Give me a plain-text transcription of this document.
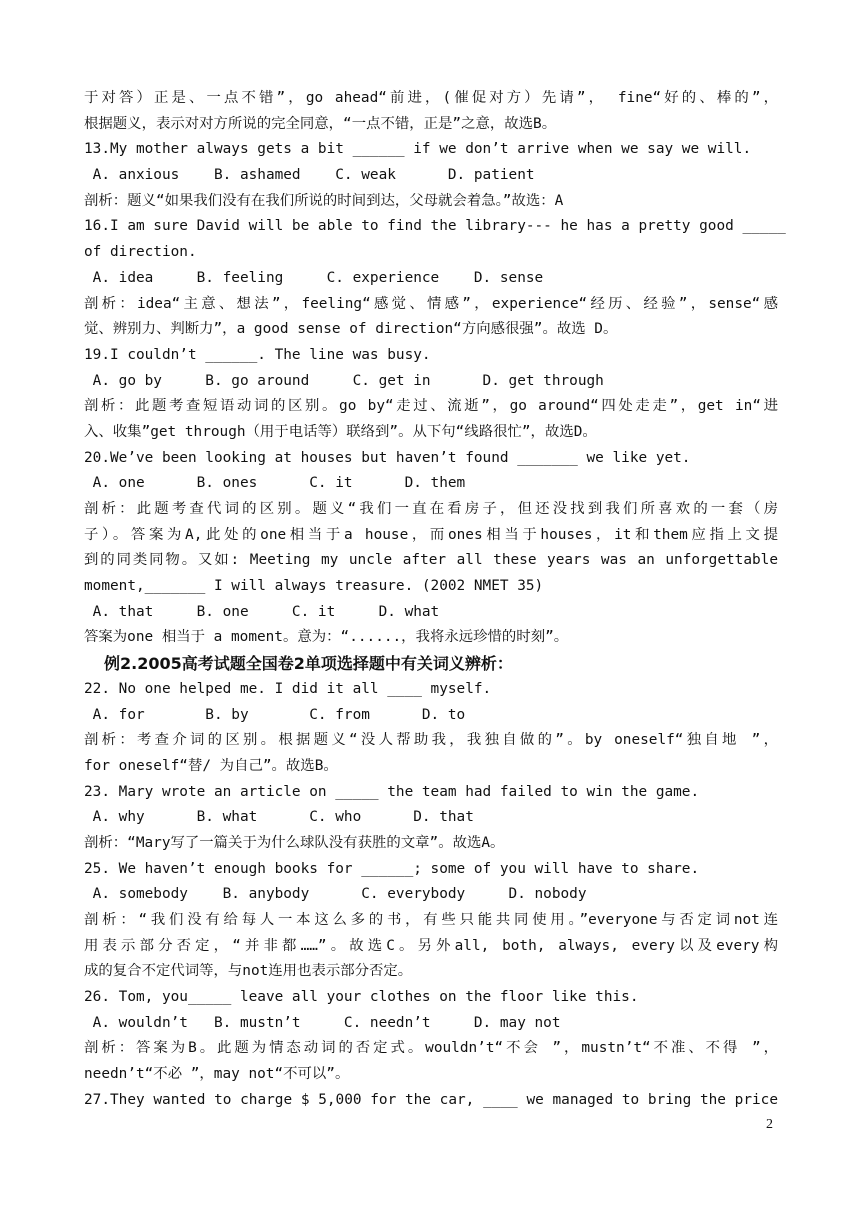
于对答）正是、一点不错”，go ahead“前进，(催促对方）先请”， fine“好的、棒的”，
根据题义，表示对对方所说的完全同意，“一点不错，正是”之意，故选B。
13.My mother always gets a bit ______ if we don’t arrive when we say we will.
A. anxious    B. ashamed    C. weak      D. patient
剖析：题义“如果我们没有在我们所说的时间到达，父母就会着急。”故选：A
16.I am sure David will be able to find the library--- he has a pretty good _____
of direction.
A. idea     B. feeling     C. experience    D. sense
剖析：idea“主意、想法”，feeling“感觉、情感”，experience“经历、经验”，sense“感
觉、辨别力、判断力”，a good sense of direction“方向感很强”。故选 D。
19.I couldn’t ______. The line was busy.
A. go by     B. go around     C. get in      D. get through
剖析：此题考查短语动词的区别。go by“走过、流逝”，go around“四处走走”，get in“进
入、收集”get through（用于电话等）联络到”。从下句“线路很忙”，故选D。
20.We’ve been looking at houses but haven’t found _______ we like yet.
A. one      B. ones      C. it      D. them
剖析：此题考查代词的区别。题义“我们一直在看房子，但还没找到我们所喜欢的一套（房
子）。答案为A,此处的one相当于a house，而ones相当于houses，it和them应指上文提
到的同类同物。又如: Meeting my uncle after all these years was an unforgettable
moment,_______ I will always treasure. (2002 NMET 35)
A. that     B. one     C. it     D. what
答案为one 相当于 a moment。意为：“......，我将永远珍惜的时刻”。
例2.2005高考试题全国卷2单项选择题中有关词义辨析：
22. No one helped me. I did it all ____ myself.
A. for       B. by       C. from      D. to
剖析：考查介词的区别。根据题义“没人帮助我，我独自做的”。by oneself“独自地 ”，
for oneself“替/ 为自己”。故选B。
23. Mary wrote an article on _____ the team had failed to win the game.
A. why      B. what      C. who      D. that
剖析：“Mary写了一篇关于为什么球队没有获胜的文章”。故选A。
25. We haven’t enough books for ______; some of you will have to share.
A. somebody    B. anybody      C. everybody     D. nobody
剖析：“我们没有给每人一本这么多的书，有些只能共同使用。”everyone与否定词not连
用表示部分否定，“并非都……”。故选C。另外all, both, always, every以及every构
成的复合不定代词等，与not连用也表示部分否定。
26. Tom, you_____ leave all your clothes on the floor like this.
A. wouldn’t   B. mustn’t     C. needn’t     D. may not
剖析：答案为B。此题为情态动词的否定式。wouldn’t“不会 ”，mustn’t“不准、不得 ”，
needn’t“不必 ”，may not“不可以”。
27.They wanted to charge $ 5,000 for the car, ____ we managed to bring the price
2
